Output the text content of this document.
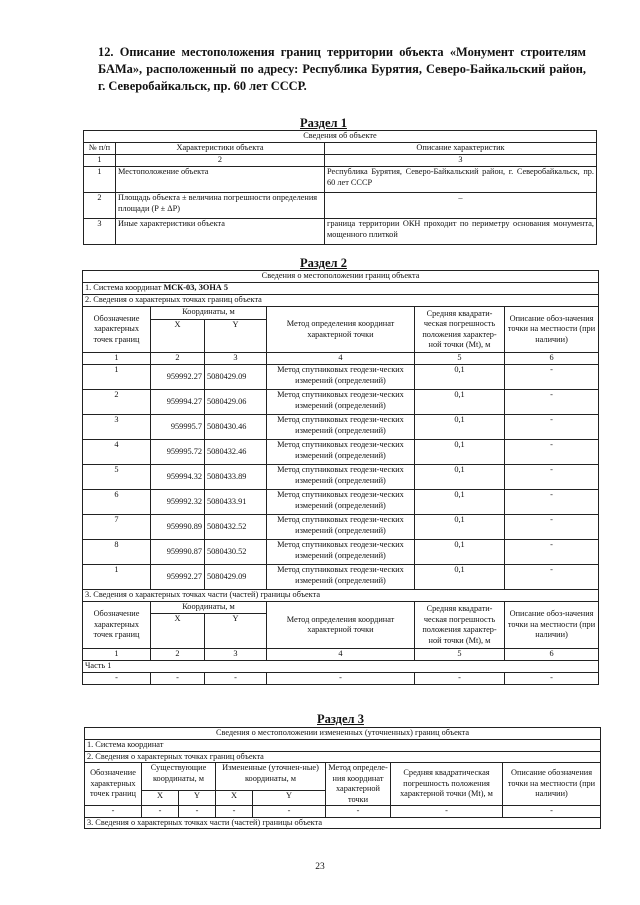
12. Описание местоположения границ территории объекта «Монумент строителям БАМа», расположенный по адресу: Республика Бурятия, Северо-Байкальский район, г. Северобайкальск, пр. 60 лет СССР.
Раздел 1
Сведения об объекте		
№ п/п	Характеристики объекта	Описание характеристик
1	2	3
1	Местоположение объекта	Республика Бурятия, Северо-Байкальский район, г. Северобайкальск, пр. 60 лет СССР
2	Площадь объекта ± величина погрешности определения площади (P ± ΔP)	–
3	Иные характеристики объекта	граница территории ОКН проходит по периметру основания монумента, мощенного плиткой
Раздел 2
Сведения о местоположении границ объекта					
1. Система координат МСК-03, ЗОНА 5					
2. Сведения о характерных точках границ объекта					
Обозначение характерных точек границ	Координаты, м		Метод определения координат характерной точки	Средняя квадрати-ческая погрешность положения характер-ной точки (Mt), м	Описание обоз-начения точки на местности (при наличии)
	X	Y			
1	2	3	4	5	6
1	959992.27	5080429.09	Метод спутниковых геодези-ческих измерений (определений)	0,1	-
2	959994.27	5080429.06	Метод спутниковых геодези-ческих измерений (определений)	0,1	-
3	959995.7	5080430.46	Метод спутниковых геодези-ческих измерений (определений)	0,1	-
4	959995.72	5080432.46	Метод спутниковых геодези-ческих измерений (определений)	0,1	-
5	959994.32	5080433.89	Метод спутниковых геодези-ческих измерений (определений)	0,1	-
6	959992.32	5080433.91	Метод спутниковых геодези-ческих измерений (определений)	0,1	-
7	959990.89	5080432.52	Метод спутниковых геодези-ческих измерений (определений)	0,1	-
8	959990.87	5080430.52	Метод спутниковых геодези-ческих измерений (определений)	0,1	-
1	959992.27	5080429.09	Метод спутниковых геодези-ческих измерений (определений)	0,1	-
3. Сведения о характерных точках части (частей) границы объекта					
Обозначение характерных точек границ	Координаты, м		Метод определения координат характерной точки	Средняя квадрати-ческая погрешность положения характер-ной точки (Mt), м	Описание обоз-начения точки на местности (при наличии)
	X	Y			
1	2	3	4	5	6
Часть 1					
-	-	-	-	-	-
Раздел 3
Сведения о местоположении измененных (уточненных) границ объекта							
1. Система координат							
2. Сведения о характерных точках границ объекта							
Обозначение характерных точек границ	Существующие координаты, м		Измененные (уточнен-ные) координаты, м		Метод определе-ния координат характерной точки	Средняя квадратическая погрешность положения характерной точки (Mt), м	Описание обозначения точки на местности (при наличии)
	X	Y	X	Y			
-	-	-	-	-	-	-	-
3. Сведения о характерных точках части (частей) границы объекта							
23
